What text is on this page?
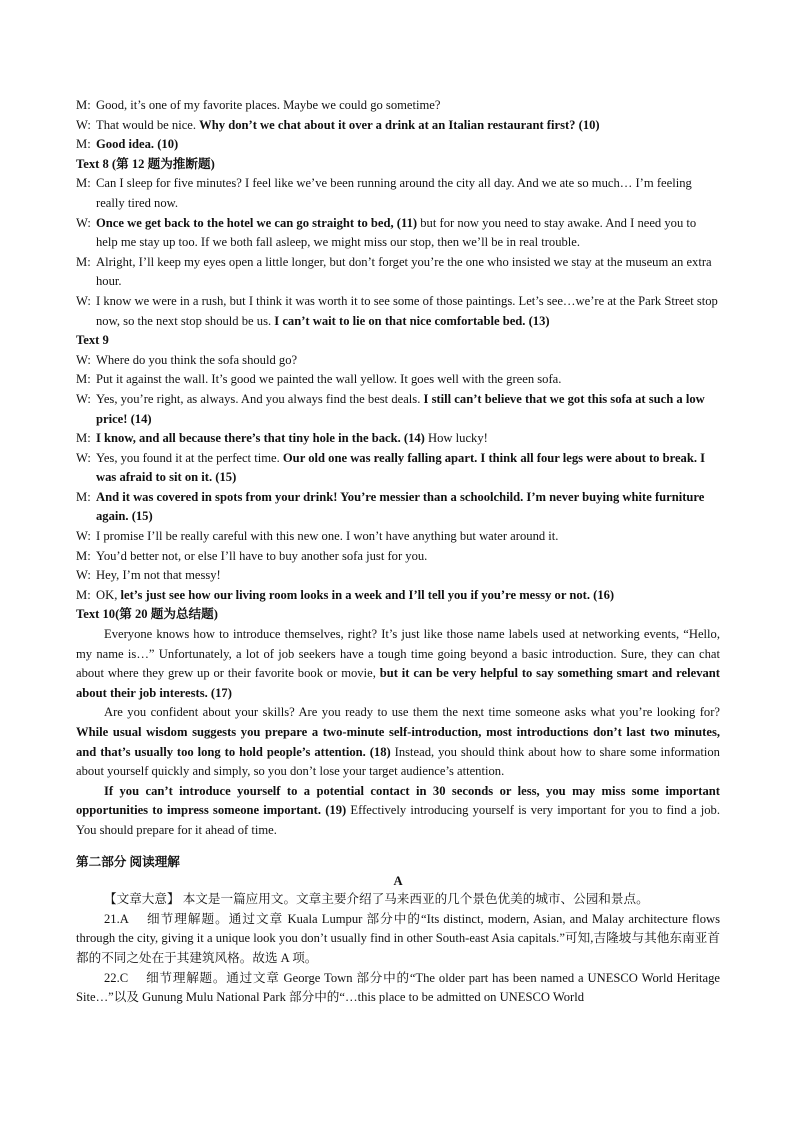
M: Good, it’s one of my favorite places. Maybe we could go sometime?
W: That would be nice. Why don’t we chat about it over a drink at an Italian restaurant first? (10)
M: Good idea. (10)
Text 8 (第 12 题为推断题)
M: Can I sleep for five minutes? I feel like we’ve been running around the city all day. And we ate so much… I’m feeling really tired now.
W: Once we get back to the hotel we can go straight to bed, (11) but for now you need to stay awake. And I need you to help me stay up too. If we both fall asleep, we might miss our stop, then we’ll be in real trouble.
M: Alright, I’ll keep my eyes open a little longer, but don’t forget you’re the one who insisted we stay at the museum an extra hour.
W: I know we were in a rush, but I think it was worth it to see some of those paintings. Let’s see…we’re at the Park Street stop now, so the next stop should be us. I can’t wait to lie on that nice comfortable bed. (13)
Text 9
W: Where do you think the sofa should go?
M: Put it against the wall. It’s good we painted the wall yellow. It goes well with the green sofa.
W: Yes, you’re right, as always. And you always find the best deals. I still can’t believe that we got this sofa at such a low price! (14)
M: I know, and all because there’s that tiny hole in the back. (14) How lucky!
W: Yes, you found it at the perfect time. Our old one was really falling apart. I think all four legs were about to break. I was afraid to sit on it. (15)
M: And it was covered in spots from your drink! You’re messier than a schoolchild. I’m never buying white furniture again. (15)
W: I promise I’ll be really careful with this new one. I won’t have anything but water around it.
M: You’d better not, or else I’ll have to buy another sofa just for you.
W: Hey, I’m not that messy!
M: OK, let’s just see how our living room looks in a week and I’ll tell you if you’re messy or not. (16)
Text 10(第 20 题为总结题)
Everyone knows how to introduce themselves, right? It’s just like those name labels used at networking events, “Hello, my name is…” Unfortunately, a lot of job seekers have a tough time going beyond a basic introduction. Sure, they can chat about where they grew up or their favorite book or movie, but it can be very helpful to say something smart and relevant about their job interests. (17)
Are you confident about your skills? Are you ready to use them the next time someone asks what you’re looking for? While usual wisdom suggests you prepare a two-minute self-introduction, most introductions don’t last two minutes, and that’s usually too long to hold people’s attention. (18) Instead, you should think about how to share some information about yourself quickly and simply, so you don’t lose your target audience’s attention.
If you can’t introduce yourself to a potential contact in 30 seconds or less, you may miss some important opportunities to impress someone important. (19) Effectively introducing yourself is very important for you to find a job. You should prepare for it ahead of time.
第二部分 阅读理解
A
【文章大意】 本文是一篇应用文。文章主要介绍了马来西亚的几个景色优美的城市、公园和景点。
21.A　 细节理解题。通过文章 Kuala Lumpur 部分中的“Its distinct, modern, Asian, and Malay architecture flows through the city, giving it a unique look you don’t usually find in other South-east Asia capitals.”可知,吉隆坡与其他东南亚首都的不同之处在于其建筑风格。故选 A 项。
22.C　 细节理解题。通过文章 George Town 部分中的“The older part has been named a UNESCO World Heritage Site…”以及 Gunung Mulu National Park 部分中的“…this place to be admitted on UNESCO World
